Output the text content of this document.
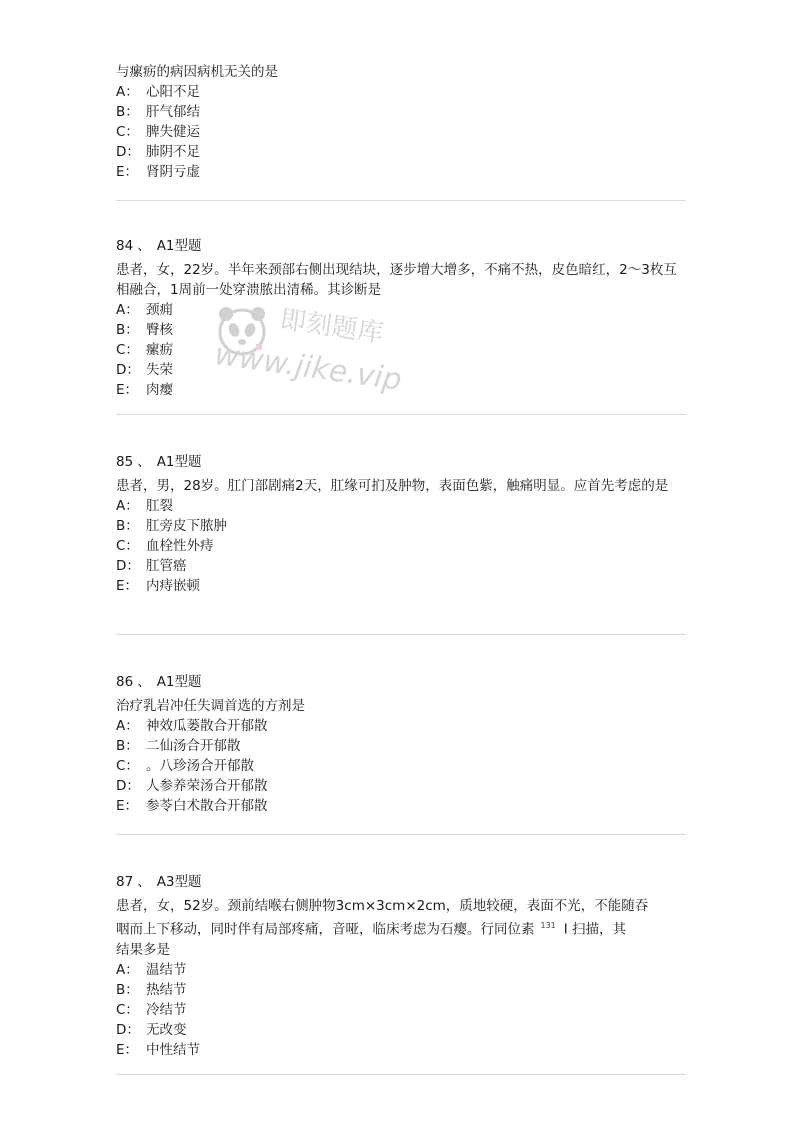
与瘰疬的病因病机无关的是
A： 心阳不足
B： 肝气郁结
C： 脾失健运
D： 肺阴不足
E： 肾阴亏虚
84 、 A1型题
患者，女，22岁。半年来颈部右侧出现结块，逐步增大增多，不痛不热，皮色暗红，2～3枚互相融合，1周前一处穿溃脓出清稀。其诊断是
A： 颈痈
B： 臀核
C： 瘰疬
D： 失荣
E： 肉瘿
85 、 A1型题
患者，男，28岁。肛门部剧痛2天，肛缘可扪及肿物，表面色紫，触痛明显。应首先考虑的是
A： 肛裂
B： 肛旁皮下脓肿
C： 血栓性外痔
D： 肛管癌
E： 内痔嵌顿
86 、 A1型题
治疗乳岩冲任失调首选的方剂是
A： 神效瓜蒌散合开郁散
B： 二仙汤合开郁散
C： 。八珍汤合开郁散
D： 人参养荣汤合开郁散
E： 参苓白术散合开郁散
87 、 A3型题
患者，女，52岁。颈前结喉右侧肿物3cm×3cm×2cm，质地较硬，表面不光，不能随吞
咽而上下移动，同时伴有局部疼痛，音哑，临床考虑为石瘿。行同位素 $^{131}$ I 扫描，其
结果多是
A： 温结节
B： 热结节
C： 冷结节
D： 无改变
E： 中性结节
即刻题库
www.jike.vip
